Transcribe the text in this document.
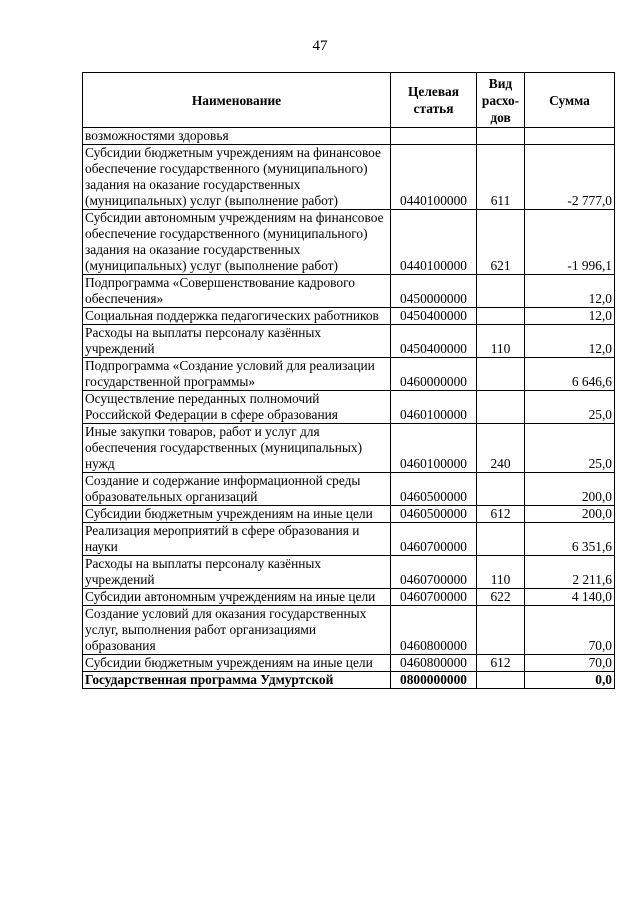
47
Наименование	Целевая статья	Вид расхо-дов	Сумма
возможностями здоровья			
Субсидии бюджетным учреждениям на финансовое обеспечение государственного (муниципального) задания на оказание государственных (муниципальных) услуг (выполнение работ)	0440100000	611	-2 777,0
Субсидии автономным учреждениям на финансовое обеспечение государственного (муниципального) задания на оказание государственных (муниципальных) услуг (выполнение работ)	0440100000	621	-1 996,1
Подпрограмма «Совершенствование кадрового обеспечения»	0450000000		12,0
Социальная поддержка педагогических работников	0450400000		12,0
Расходы на выплаты персоналу казённых учреждений	0450400000	110	12,0
Подпрограмма «Создание условий для реализации государственной программы»	0460000000		6 646,6
Осуществление переданных полномочий Российской Федерации в сфере образования	0460100000		25,0
Иные закупки товаров, работ и услуг для обеспечения государственных (муниципальных) нужд	0460100000	240	25,0
Создание и содержание информационной среды образовательных организаций	0460500000		200,0
Субсидии бюджетным учреждениям на иные цели	0460500000	612	200,0
Реализация мероприятий в сфере образования и науки	0460700000		6 351,6
Расходы на выплаты персоналу казённых учреждений	0460700000	110	2 211,6
Субсидии автономным учреждениям на иные цели	0460700000	622	4 140,0
Создание условий для оказания государственных услуг, выполнения работ организациями образования	0460800000		70,0
Субсидии бюджетным учреждениям на иные цели	0460800000	612	70,0
Государственная программа Удмуртской	0800000000		0,0
